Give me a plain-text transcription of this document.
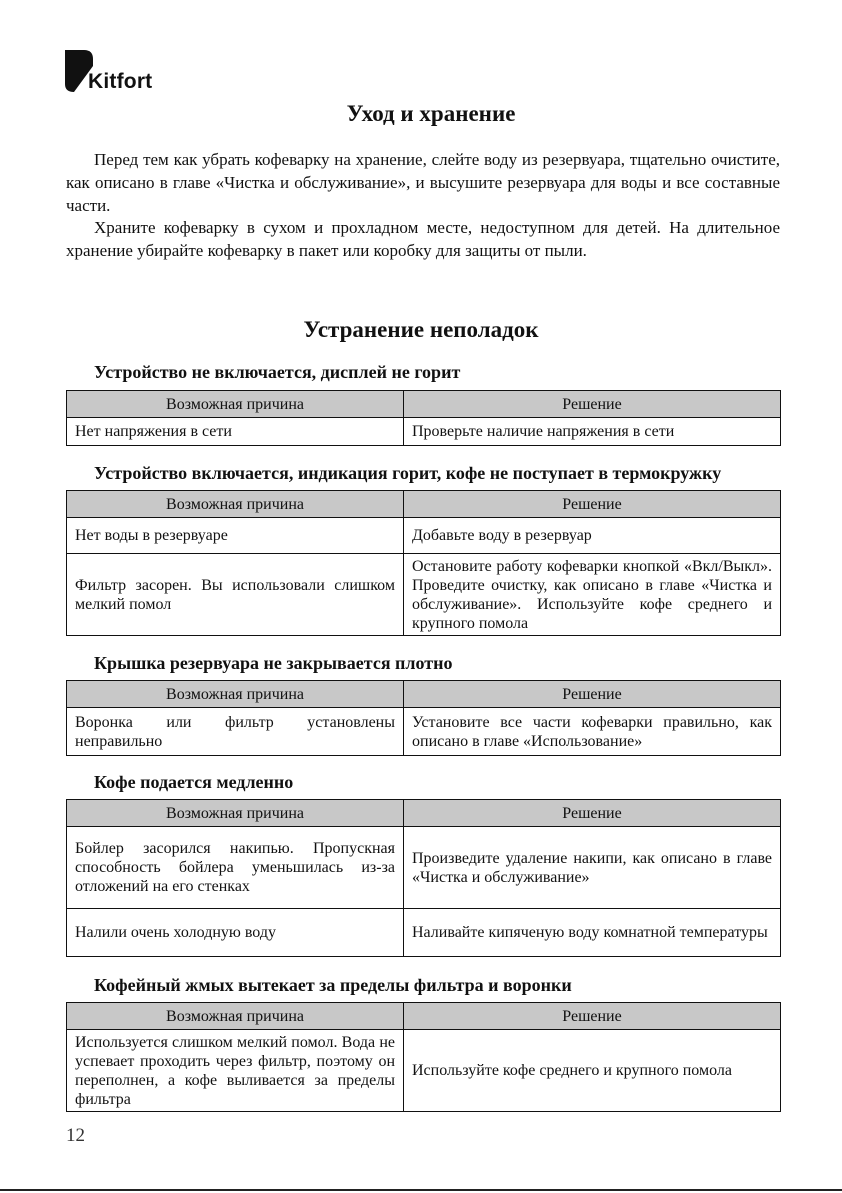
Kitfort
Уход и хранение

Перед тем как убрать кофеварку на хранение, слейте воду из резервуара, тщательно очистите, как описано в главе «Чистка и обслуживание», и высушите резервуара для воды и все составные части.

Храните кофеварку в сухом и прохладном месте, недоступном для детей. На длительное хранение убирайте кофеварку в пакет или коробку для защиты от пыли.

Устранение неполадок
Устройство не включается, дисплей не горит
Возможная причина	Решение
Нет напряжения в сети	Проверьте наличие напряжения в сети
Устройство включается, индикация горит, кофе не поступает в термокружку
Возможная причина	Решение
Нет воды в резервуаре	Добавьте воду в резервуар
Фильтр засорен. Вы использовали слишком мелкий помол	Остановите работу кофеварки кнопкой «Вкл/Выкл». Проведите очистку, как описано в главе «Чистка и обслуживание». Используйте кофе среднего и крупного помола
Крышка резервуара не закрывается плотно
Возможная причина	Решение
Воронка или фильтр установлены неправильно	Установите все части кофеварки правильно, как описано в главе «Использование»
Кофе подается медленно
Возможная причина	Решение
Бойлер засорился накипью. Пропускная способность бойлера уменьшилась из-за отложений на его стенках	Произведите удаление накипи, как описано в главе «Чистка и обслуживание»
Налили очень холодную воду	Наливайте кипяченую воду комнатной температуры
Кофейный жмых вытекает за пределы фильтра и воронки
Возможная причина	Решение
Используется слишком мелкий помол. Вода не успевает проходить через фильтр, поэтому он переполнен, а кофе выливается за пределы фильтра	Используйте кофе среднего и крупного помола
12
